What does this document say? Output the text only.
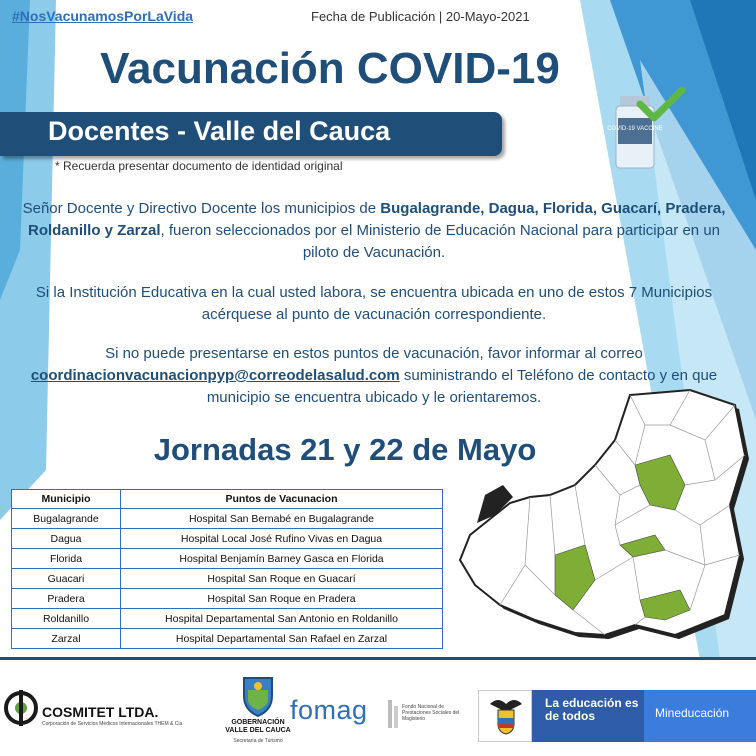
#NosVacunamosPorLaVida	Fecha de Publicación | 20-Mayo-2021
Vacunación COVID-19
Docentes - Valle del Cauca	COVID-19 VACCINE
* Recuerda presentar documento de identidad original
Señor Docente y Directivo Docente los municipios de Bugalagrande, Dagua, Florida, Guacarí, Pradera, Roldanillo y Zarzal, fueron seleccionados por el Ministerio de Educación Nacional para participar en un piloto de Vacunación.
Si la Institución Educativa en la cual usted labora, se encuentra ubicada en uno de estos 7 Municipios acérquese al punto de vacunación correspondiente.
Si no puede presentarse en estos puntos de vacunación, favor informar al correo coordinacionvacunacionpyp@correodelasalud.com suministrando el Teléfono de contacto y en que municipio se encuentra ubicado y le orientaremos.
Jornadas 21 y 22 de Mayo
Municipio	Puntos de Vacunacion
Bugalagrande	Hospital San Bernabé en Bugalagrande
Dagua	Hospital Local José Rufino Vivas en Dagua
Florida	Hospital Benjamín Barney Gasca en Florida
Guacari	Hospital San Roque en Guacarí
Pradera	Hospital San Roque en Pradera
Roldanillo	Hospital Departamental San Antonio en Roldanillo
Zarzal	Hospital Departamental San Rafael en Zarzal
COSMITET LTDA.
Corporación de Servicios Médicos Internacionales THEM & Cia	GOBERNACIÓN VALLE DEL CAUCA
Secretaría de Turismo
fomag	Fondo Nacional de Prestaciones Sociales del Magisterio
La educación es de todos	Mineducación
